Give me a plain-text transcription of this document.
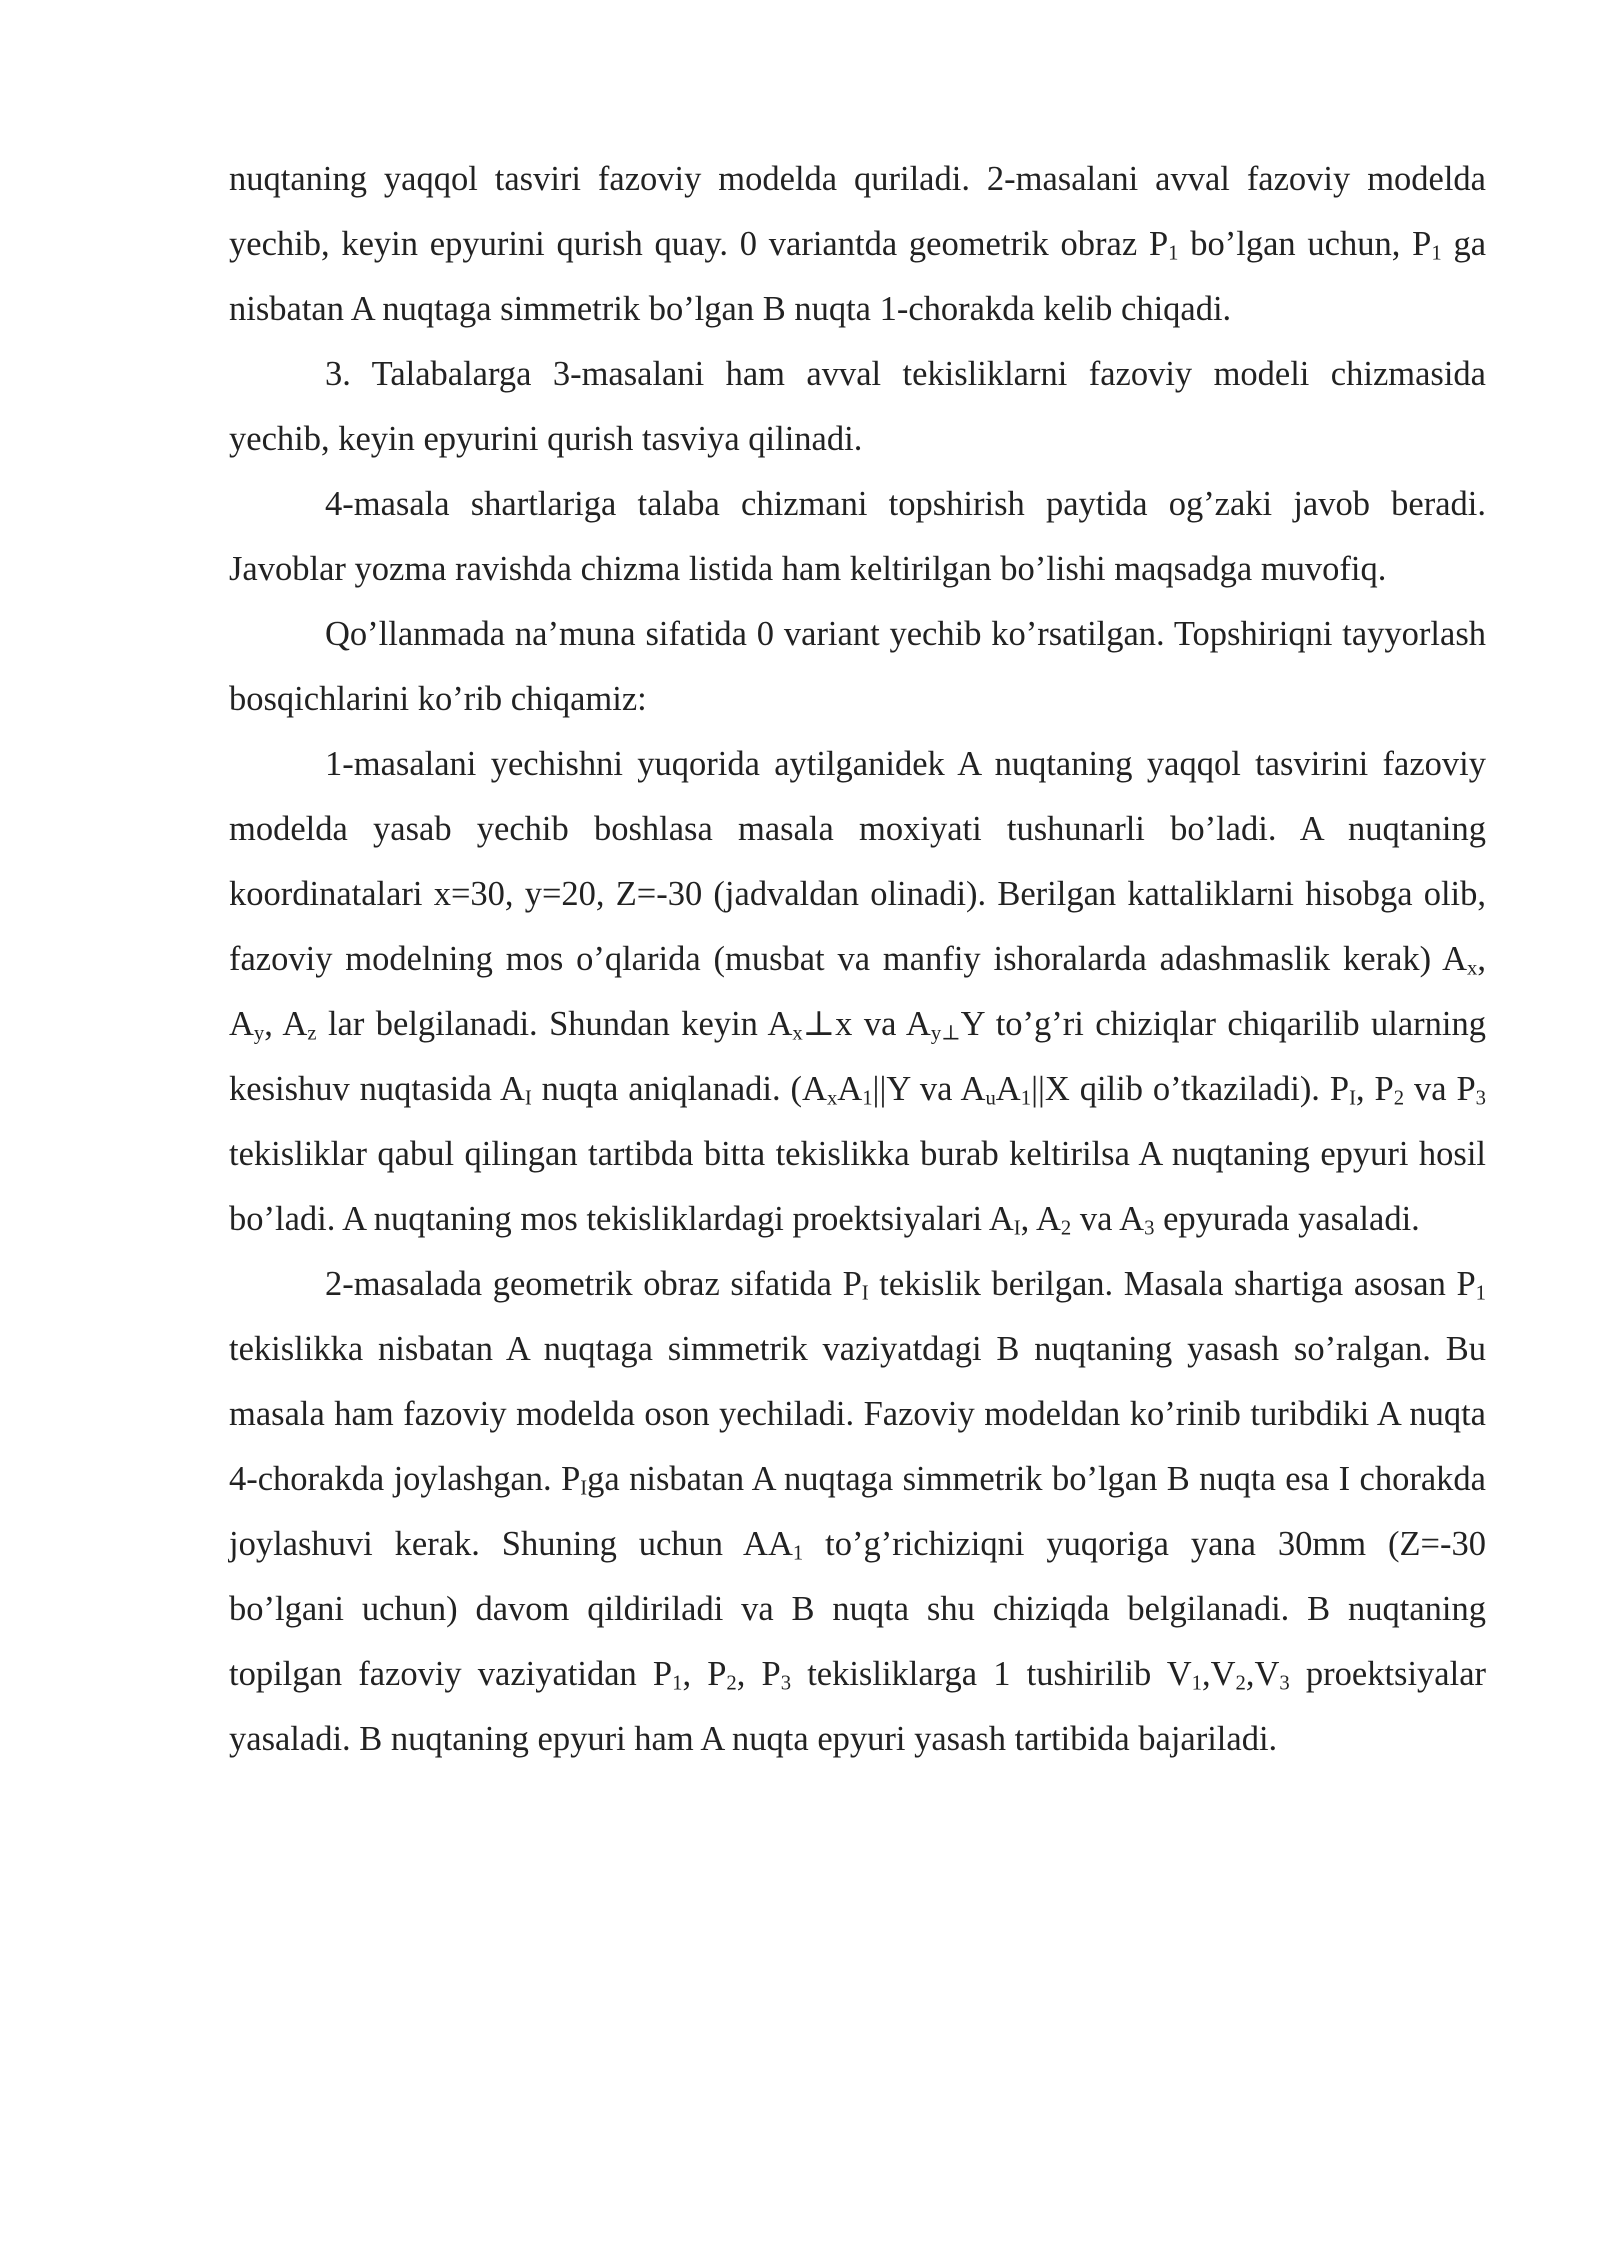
nuqtaning yaqqol tasviri fazoviy modelda quriladi. 2-masalani avval fazoviy modelda yechib, keyin epyurini qurish quay. 0 variantda geometrik obraz $P_1$ bo’lgan uchun, $P_1$ ga nisbatan A nuqtaga simmetrik bo’lgan B nuqta 1-chorakda kelib chiqadi.

3. Talabalarga 3-masalani ham avval tekisliklarni fazoviy modeli chizmasida yechib, keyin epyurini qurish tasviya qilinadi.

4-masala shartlariga talaba chizmani topshirish paytida og’zaki javob beradi. Javoblar yozma ravishda chizma listida ham keltirilgan bo’lishi maqsadga muvofiq.

Qo’llanmada na’muna sifatida 0 variant yechib ko’rsatilgan. Topshiriqni tayyorlash bosqichlarini ko’rib chiqamiz:

1-masalani yechishni yuqorida aytilganidek A nuqtaning yaqqol tasvirini fazoviy modelda yasab yechib boshlasa masala moxiyati tushunarli bo’ladi. A nuqtaning koordinatalari x=30, y=20, Z=-30 (jadvaldan olinadi). Berilgan kattaliklarni hisobga olib, fazoviy modelning mos o’qlarida (musbat va manfiy ishoralarda adashmaslik kerak) $A_x$, $A_y$, $A_z$ lar belgilanadi. Shundan keyin $A_x\perp x$ va $A_{y\perp}Y$ to’g’ri chiziqlar chiqarilib ularning kesishuv nuqtasida $A_I$ nuqta aniqlanadi. ($A_xA_1||Y$ va $A_uA_1||X$ qilib o’tkaziladi). $P_I$, $P_2$ va $P_3$ tekisliklar qabul qilingan tartibda bitta tekislikka burab keltirilsa A nuqtaning epyuri hosil bo’ladi. A nuqtaning mos tekisliklardagi proektsiyalari $A_I$, $A_2$ va $A_3$ epyurada yasaladi.

2-masalada geometrik obraz sifatida $P_I$ tekislik berilgan. Masala shartiga asosan $P_1$ tekislikka nisbatan A nuqtaga simmetrik vaziyatdagi B nuqtaning yasash so’ralgan. Bu masala ham fazoviy modelda oson yechiladi. Fazoviy modeldan ko’rinib turibdiki A nuqta 4-chorakda joylashgan. $P_Iga$ nisbatan A nuqtaga simmetrik bo’lgan B nuqta esa I chorakda joylashuvi kerak. Shuning uchun $AA_1$ to’g’richiziqni yuqoriga yana 30mm (Z=-30 bo’lgani uchun) davom qildiriladi va B nuqta shu chiziqda belgilanadi. B nuqtaning topilgan fazoviy vaziyatidan $P_1$, $P_2$, $P_3$ tekisliklarga 1 tushirilib $V_1,V_2,V_3$ proektsiyalar yasaladi. B nuqtaning epyuri ham A nuqta epyuri yasash tartibida bajariladi.
